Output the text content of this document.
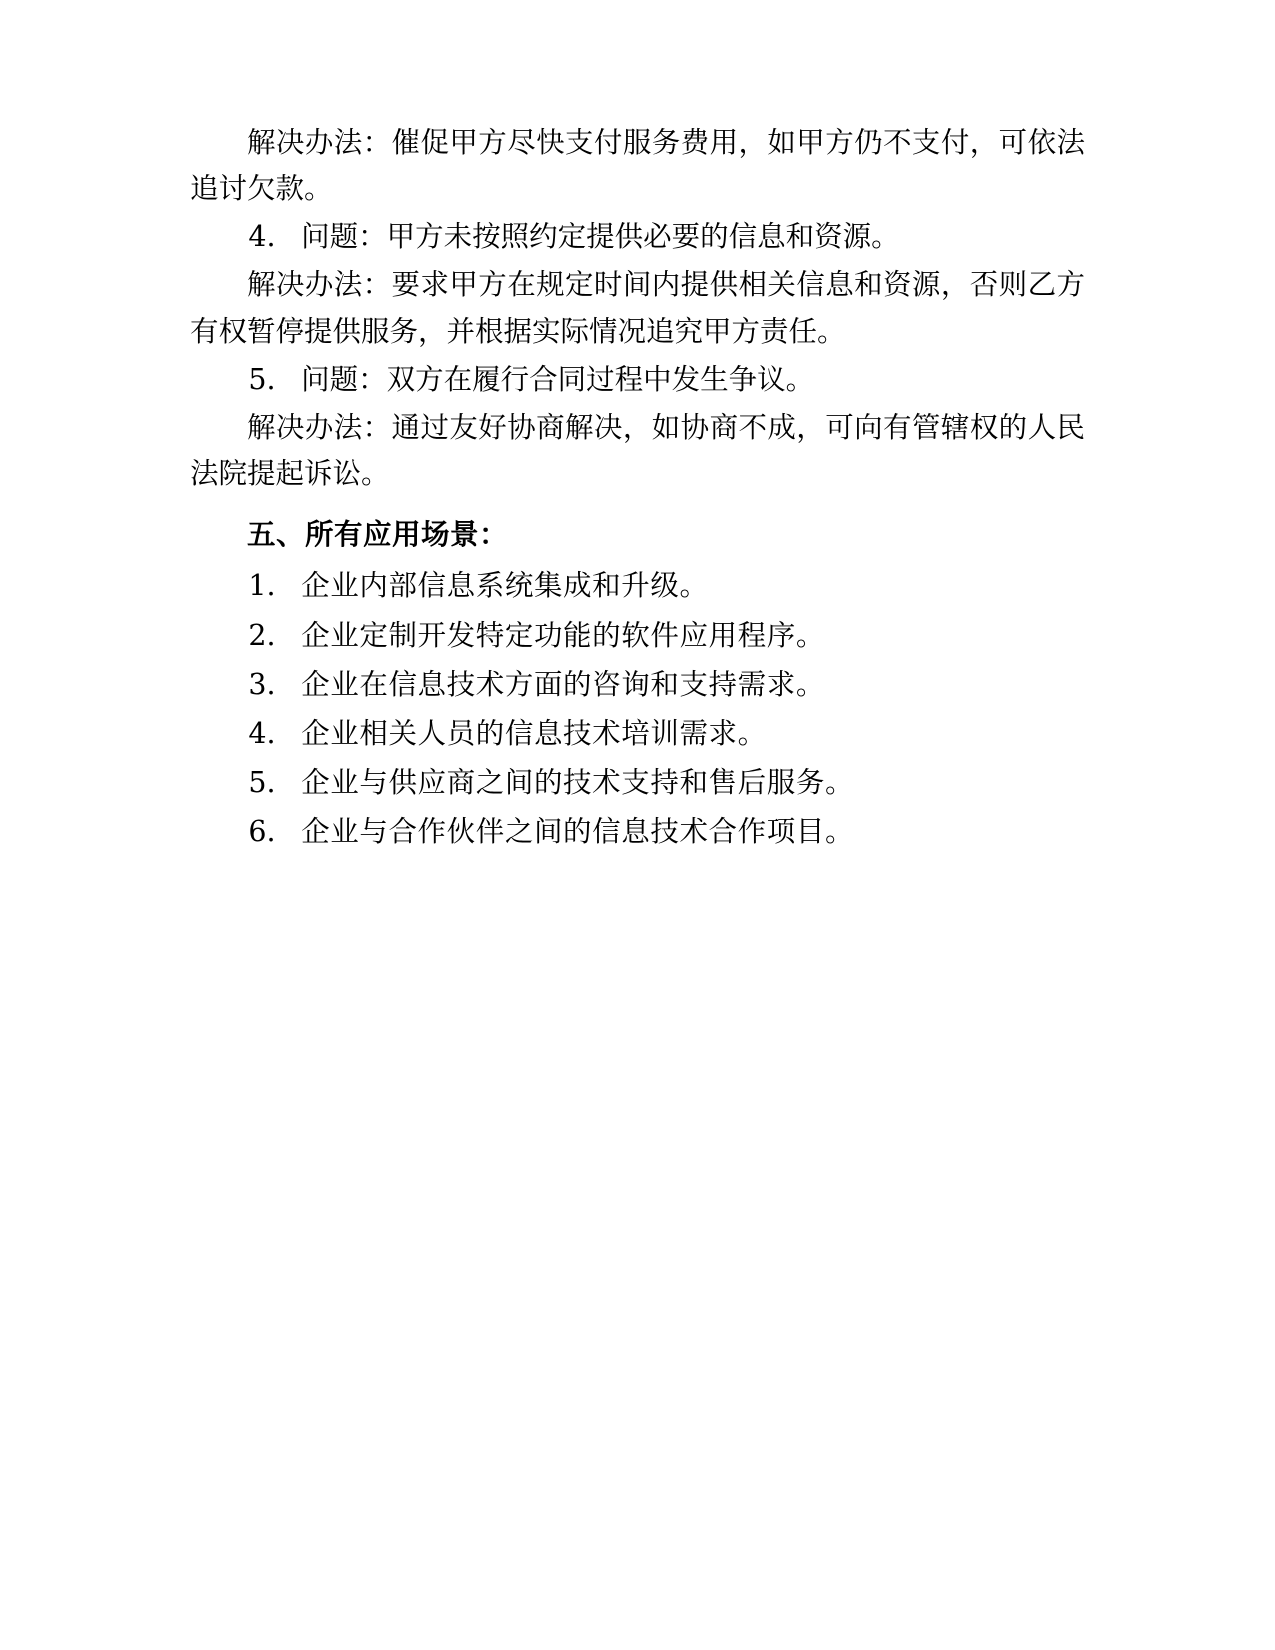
解决办法：催促甲方尽快支付服务费用，如甲方仍不支付，可依法追讨欠款。

4. 问题：甲方未按照约定提供必要的信息和资源。

解决办法：要求甲方在规定时间内提供相关信息和资源，否则乙方有权暂停提供服务，并根据实际情况追究甲方责任。

5. 问题：双方在履行合同过程中发生争议。

解决办法：通过友好协商解决，如协商不成，可向有管辖权的人民法院提起诉讼。

五、所有应用场景：

1. 企业内部信息系统集成和升级。
2. 企业定制开发特定功能的软件应用程序。
3. 企业在信息技术方面的咨询和支持需求。
4. 企业相关人员的信息技术培训需求。
5. 企业与供应商之间的技术支持和售后服务。
6. 企业与合作伙伴之间的信息技术合作项目。
